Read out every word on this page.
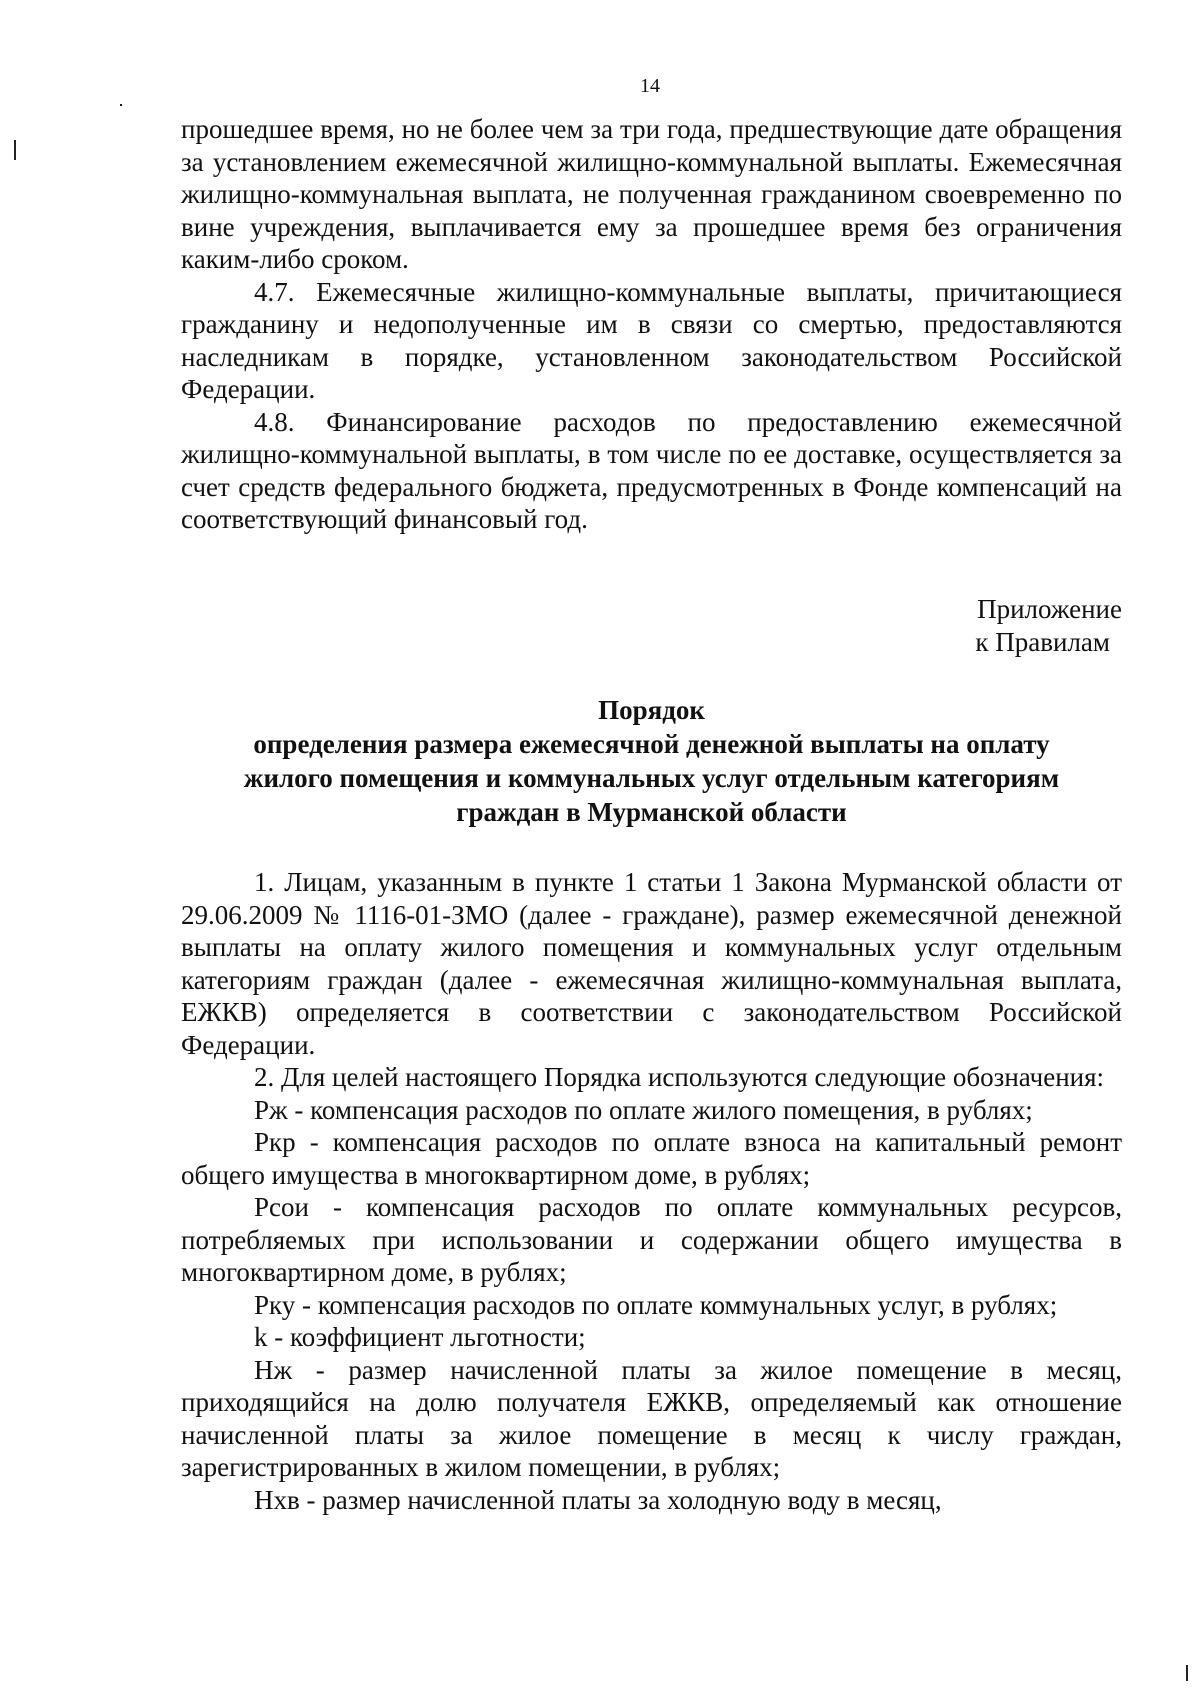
14

прошедшее время, но не более чем за три года, предшествующие дате обращения за установлением ежемесячной жилищно-коммунальной выплаты. Ежемесячная жилищно-коммунальная выплата, не полученная гражданином своевременно по вине учреждения, выплачивается ему за прошедшее время без ограничения каким-либо сроком.

4.7. Ежемесячные жилищно-коммунальные выплаты, причитающиеся гражданину и недополученные им в связи со смертью, предоставляются наследникам в порядке, установленном законодательством Российской Федерации.

4.8. Финансирование расходов по предоставлению ежемесячной жилищно-коммунальной выплаты, в том числе по ее доставке, осуществляется за счет средств федерального бюджета, предусмотренных в Фонде компенсаций на соответствующий финансовый год.

Приложение
к Правилам
Порядок
определения размера ежемесячной денежной выплаты на оплату
жилого помещения и коммунальных услуг отдельным категориям
граждан в Мурманской области

1. Лицам, указанным в пункте 1 статьи 1 Закона Мурманской области от 29.06.2009 № 1116-01-ЗМО (далее - граждане), размер ежемесячной денежной выплаты на оплату жилого помещения и коммунальных услуг отдельным категориям граждан (далее - ежемесячная жилищно-коммунальная выплата, ЕЖКВ) определяется в соответствии с законодательством Российской Федерации.

2. Для целей настоящего Порядка используются следующие обозначения:

Рж - компенсация расходов по оплате жилого помещения, в рублях;

Ркр - компенсация расходов по оплате взноса на капитальный ремонт общего имущества в многоквартирном доме, в рублях;

Рсои - компенсация расходов по оплате коммунальных ресурсов, потребляемых при использовании и содержании общего имущества в многоквартирном доме, в рублях;

Рку - компенсация расходов по оплате коммунальных услуг, в рублях;

k - коэффициент льготности;

Нж - размер начисленной платы за жилое помещение в месяц, приходящийся на долю получателя ЕЖКВ, определяемый как отношение начисленной платы за жилое помещение в месяц к числу граждан, зарегистрированных в жилом помещении, в рублях;

Нхв - размер начисленной платы за холодную воду в месяц,
